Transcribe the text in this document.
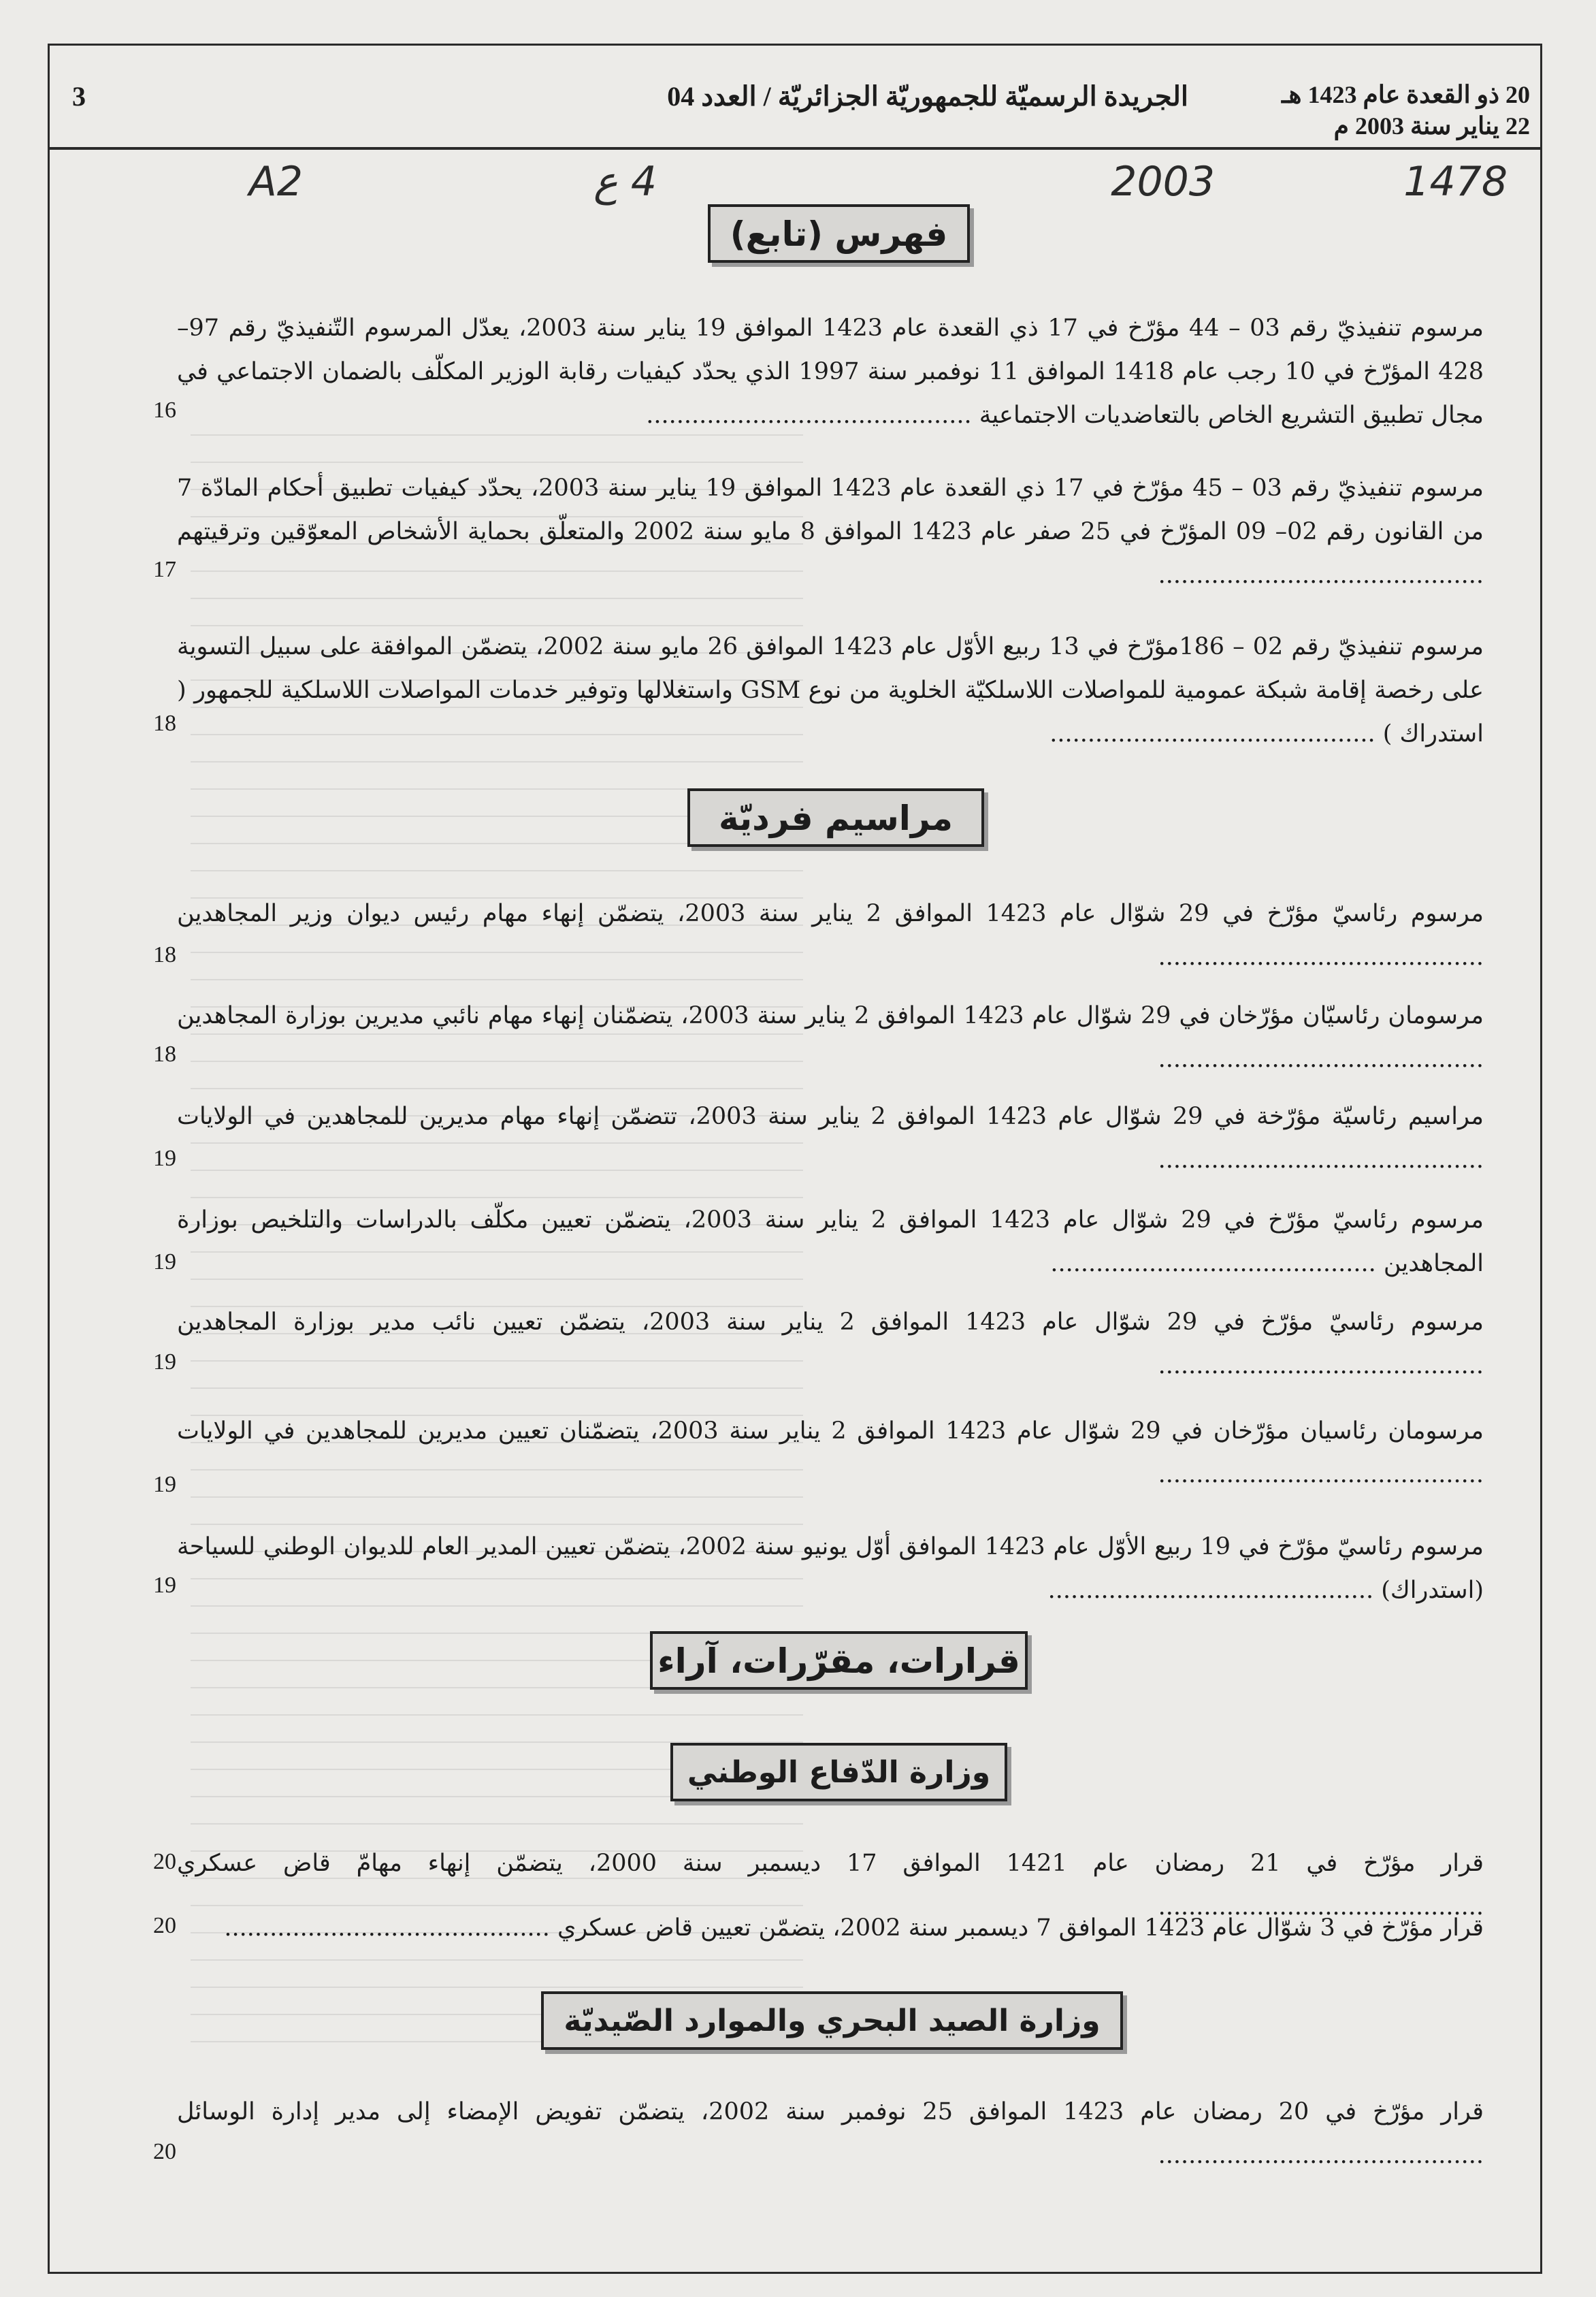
20 ذو القعدة عام 1423 هـ
22 يناير سنة 2003 م
الجريدة الرسميّة للجمهوريّة الجزائريّة / العدد 04
3
1478
2003
4 ع
A2
فهرس (تابع)
مرسوم تنفيذيّ رقم 03 – 44 مؤرّخ في 17 ذي القعدة عام 1423 الموافق 19 يناير سنة 2003، يعدّل المرسوم التّنفيذيّ رقم 97– 428 المؤرّخ في 10 رجب عام 1418 الموافق 11 نوفمبر سنة 1997 الذي يحدّد كيفيات رقابة الوزير المكلّف بالضمان الاجتماعي في مجال تطبيق التشريع الخاص بالتعاضديات الاجتماعية ...........................................
16
مرسوم تنفيذيّ رقم 03 – 45 مؤرّخ في 17 ذي القعدة عام 1423 الموافق 19 يناير سنة 2003، يحدّد كيفيات تطبيق أحكام المادّة 7 من القانون رقم 02– 09 المؤرّخ في 25 صفر عام 1423 الموافق 8 مايو سنة 2002 والمتعلّق بحماية الأشخاص المعوّقين وترقيتهم ...........................................
17
مرسوم تنفيذيّ رقم 02 – 186مؤرّخ في 13 ربيع الأوّل عام 1423 الموافق 26 مايو سنة 2002، يتضمّن الموافقة على سبيل التسوية على رخصة إقامة شبكة عمومية للمواصلات اللاسلكيّة الخلوية من نوع GSM واستغلالها وتوفير خدمات المواصلات اللاسلكية للجمهور ( استدراك ) ...........................................
18
مراسيم فرديّة
مرسوم رئاسيّ مؤرّخ في 29 شوّال عام 1423 الموافق 2 يناير سنة 2003، يتضمّن إنهاء مهام رئيس ديوان وزير المجاهدين ...........................................
18
مرسومان رئاسيّان مؤرّخان في 29 شوّال عام 1423 الموافق 2 يناير سنة 2003، يتضمّنان إنهاء مهام نائبي مديرين بوزارة المجاهدين ...........................................
18
مراسيم رئاسيّة مؤرّخة في 29 شوّال عام 1423 الموافق 2 يناير سنة 2003، تتضمّن إنهاء مهام مديرين للمجاهدين في الولايات ...........................................
19
مرسوم رئاسيّ مؤرّخ في 29 شوّال عام 1423 الموافق 2 يناير سنة 2003، يتضمّن تعيين مكلّف بالدراسات والتلخيص بوزارة المجاهدين ...........................................
19
مرسوم رئاسيّ مؤرّخ في 29 شوّال عام 1423 الموافق 2 يناير سنة 2003، يتضمّن تعيين نائب مدير بوزارة المجاهدين ...........................................
19
مرسومان رئاسيان مؤرّخان في 29 شوّال عام 1423 الموافق 2 يناير سنة 2003، يتضمّنان تعيين مديرين للمجاهدين في الولايات ...........................................
19
مرسوم رئاسيّ مؤرّخ في 19 ربيع الأوّل عام 1423 الموافق أوّل يونيو سنة 2002، يتضمّن تعيين المدير العام للديوان الوطني للسياحة (استدراك) ...........................................
19
قرارات، مقرّرات، آراء
وزارة الدّفاع الوطني
قرار مؤرّخ في 21 رمضان عام 1421 الموافق 17 ديسمبر سنة 2000، يتضمّن إنهاء مهامّ قاض عسكري ...........................................
20
قرار مؤرّخ في 3 شوّال عام 1423 الموافق 7 ديسمبر سنة 2002، يتضمّن تعيين قاض عسكري ...........................................
20
وزارة الصيد البحري والموارد الصّيديّة
قرار مؤرّخ في 20 رمضان عام 1423 الموافق 25 نوفمبر سنة 2002، يتضمّن تفويض الإمضاء إلى مدير إدارة الوسائل ...........................................
20
